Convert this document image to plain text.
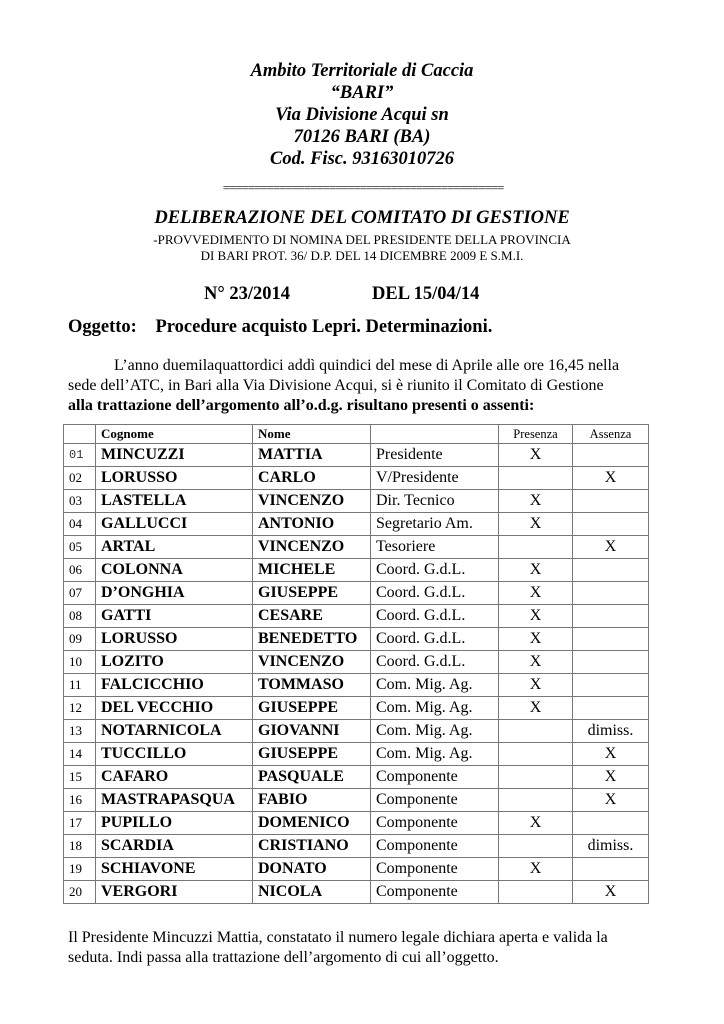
Ambito Territoriale di Caccia
“BARI”
Via Divisione Acqui sn
70126 BARI (BA)
Cod. Fisc. 93163010726
=============================================
DELIBERAZIONE DEL COMITATO DI GESTIONE
-PROVVEDIMENTO DI NOMINA DEL PRESIDENTE DELLA PROVINCIA
DI BARI PROT. 36/ D.P. DEL 14 DICEMBRE 2009 E S.M.I.
N° 23/2014	DEL 15/04/14
Oggetto: Procedure acquisto Lepri. Determinazioni.

L’anno duemilaquattordici addì quindici del mese di Aprile alle ore 16,45 nella

sede dell’ATC, in Bari alla Via Divisione Acqui, si è riunito il Comitato di Gestione

alla trattazione dell’argomento all’o.d.g. risultano presenti o assenti:

	Cognome	Nome		Presenza	Assenza
01	MINCUZZI	MATTIA	Presidente	X	
02	LORUSSO	CARLO	V/Presidente		X
03	LASTELLA	VINCENZO	Dir. Tecnico	X	
04	GALLUCCI	ANTONIO	Segretario Am.	X	
05	ARTAL	VINCENZO	Tesoriere		X
06	COLONNA	MICHELE	Coord. G.d.L.	X	
07	D’ONGHIA	GIUSEPPE	Coord. G.d.L.	X	
08	GATTI	CESARE	Coord. G.d.L.	X	
09	LORUSSO	BENEDETTO	Coord. G.d.L.	X	
10	LOZITO	VINCENZO	Coord. G.d.L.	X	
11	FALCICCHIO	TOMMASO	Com. Mig. Ag.	X	
12	DEL VECCHIO	GIUSEPPE	Com. Mig. Ag.	X	
13	NOTARNICOLA	GIOVANNI	Com. Mig. Ag.		dimiss.
14	TUCCILLO	GIUSEPPE	Com. Mig. Ag.		X
15	CAFARO	PASQUALE	Componente		X
16	MASTRAPASQUA	FABIO	Componente		X
17	PUPILLO	DOMENICO	Componente	X	
18	SCARDIA	CRISTIANO	Componente		dimiss.
19	SCHIAVONE	DONATO	Componente	X	
20	VERGORI	NICOLA	Componente		X

Il Presidente Mincuzzi Mattia, constatato il numero legale dichiara aperta e valida la

seduta. Indi passa alla trattazione dell’argomento di cui all’oggetto.
